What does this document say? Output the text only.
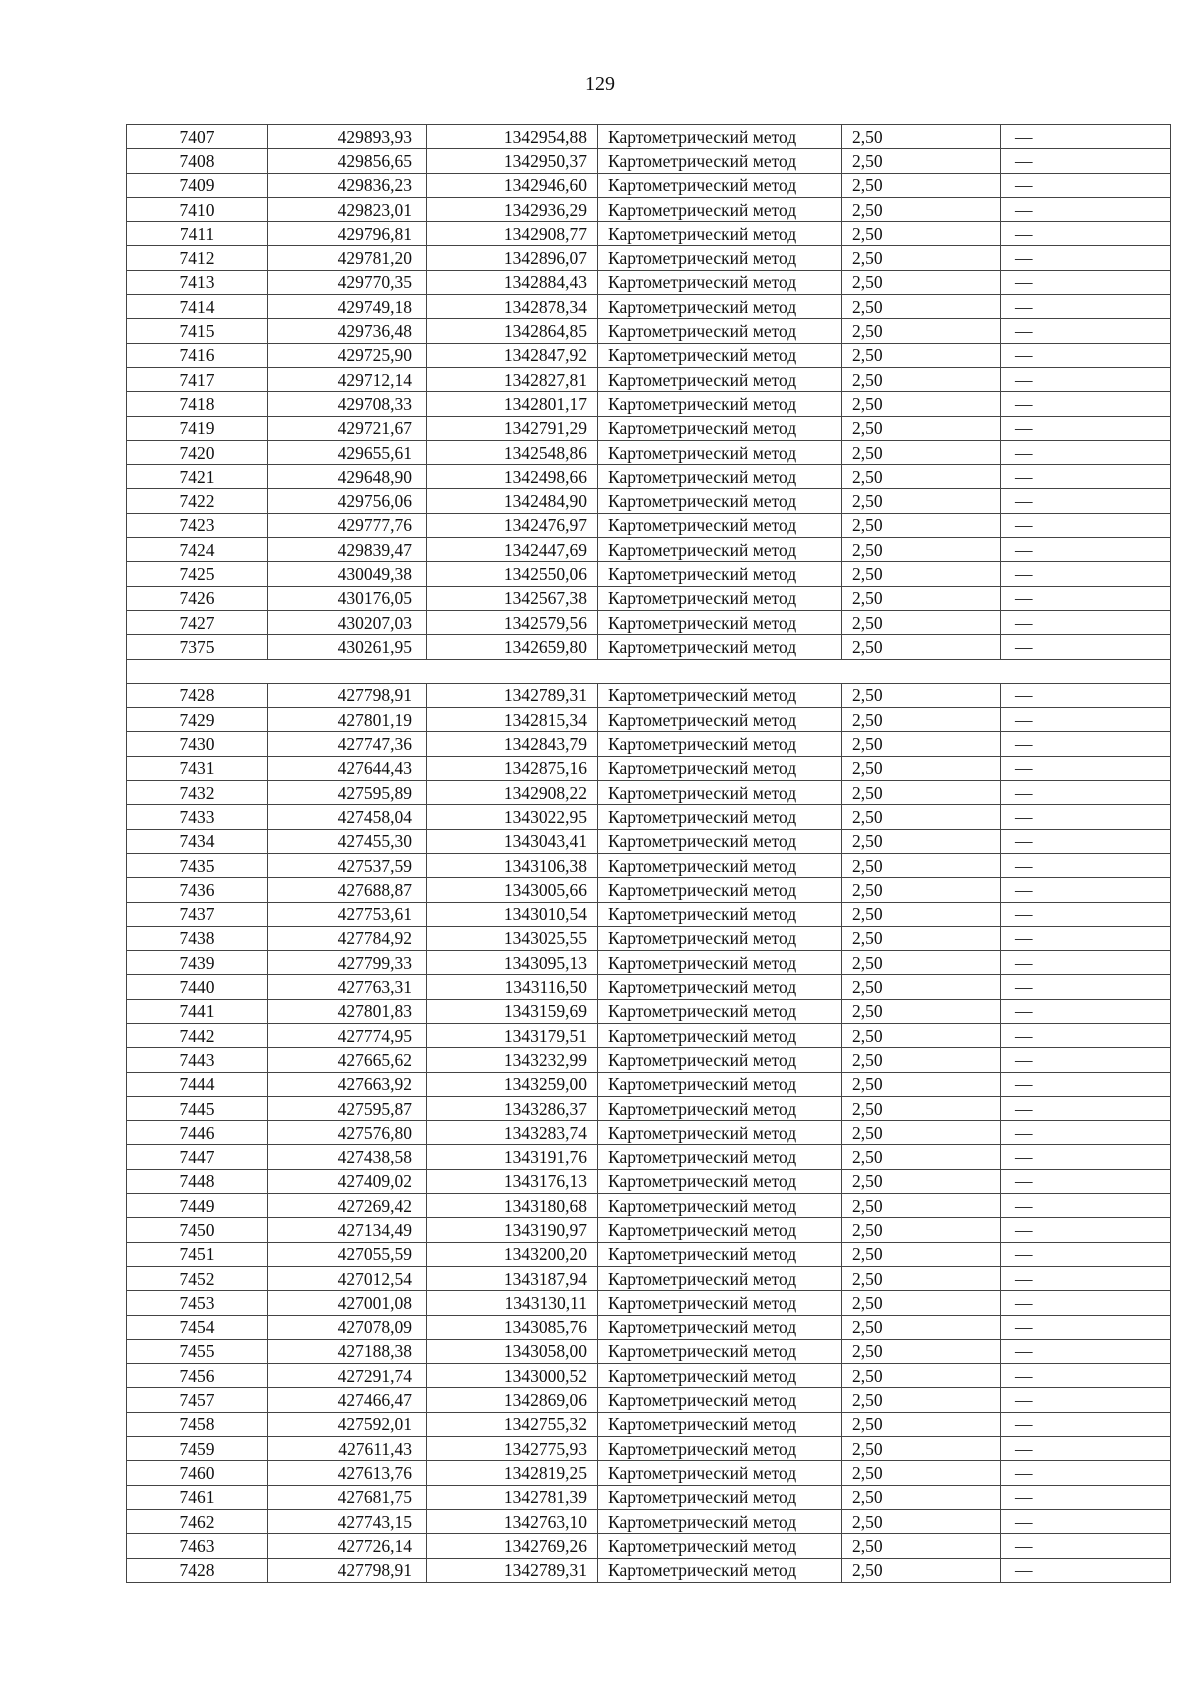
129
7407	429893,93	1342954,88	Картометрический метод	2,50	—
7408	429856,65	1342950,37	Картометрический метод	2,50	—
7409	429836,23	1342946,60	Картометрический метод	2,50	—
7410	429823,01	1342936,29	Картометрический метод	2,50	—
7411	429796,81	1342908,77	Картометрический метод	2,50	—
7412	429781,20	1342896,07	Картометрический метод	2,50	—
7413	429770,35	1342884,43	Картометрический метод	2,50	—
7414	429749,18	1342878,34	Картометрический метод	2,50	—
7415	429736,48	1342864,85	Картометрический метод	2,50	—
7416	429725,90	1342847,92	Картометрический метод	2,50	—
7417	429712,14	1342827,81	Картометрический метод	2,50	—
7418	429708,33	1342801,17	Картометрический метод	2,50	—
7419	429721,67	1342791,29	Картометрический метод	2,50	—
7420	429655,61	1342548,86	Картометрический метод	2,50	—
7421	429648,90	1342498,66	Картометрический метод	2,50	—
7422	429756,06	1342484,90	Картометрический метод	2,50	—
7423	429777,76	1342476,97	Картометрический метод	2,50	—
7424	429839,47	1342447,69	Картометрический метод	2,50	—
7425	430049,38	1342550,06	Картометрический метод	2,50	—
7426	430176,05	1342567,38	Картометрический метод	2,50	—
7427	430207,03	1342579,56	Картометрический метод	2,50	—
7375	430261,95	1342659,80	Картометрический метод	2,50	—

7428	427798,91	1342789,31	Картометрический метод	2,50	—
7429	427801,19	1342815,34	Картометрический метод	2,50	—
7430	427747,36	1342843,79	Картометрический метод	2,50	—
7431	427644,43	1342875,16	Картометрический метод	2,50	—
7432	427595,89	1342908,22	Картометрический метод	2,50	—
7433	427458,04	1343022,95	Картометрический метод	2,50	—
7434	427455,30	1343043,41	Картометрический метод	2,50	—
7435	427537,59	1343106,38	Картометрический метод	2,50	—
7436	427688,87	1343005,66	Картометрический метод	2,50	—
7437	427753,61	1343010,54	Картометрический метод	2,50	—
7438	427784,92	1343025,55	Картометрический метод	2,50	—
7439	427799,33	1343095,13	Картометрический метод	2,50	—
7440	427763,31	1343116,50	Картометрический метод	2,50	—
7441	427801,83	1343159,69	Картометрический метод	2,50	—
7442	427774,95	1343179,51	Картометрический метод	2,50	—
7443	427665,62	1343232,99	Картометрический метод	2,50	—
7444	427663,92	1343259,00	Картометрический метод	2,50	—
7445	427595,87	1343286,37	Картометрический метод	2,50	—
7446	427576,80	1343283,74	Картометрический метод	2,50	—
7447	427438,58	1343191,76	Картометрический метод	2,50	—
7448	427409,02	1343176,13	Картометрический метод	2,50	—
7449	427269,42	1343180,68	Картометрический метод	2,50	—
7450	427134,49	1343190,97	Картометрический метод	2,50	—
7451	427055,59	1343200,20	Картометрический метод	2,50	—
7452	427012,54	1343187,94	Картометрический метод	2,50	—
7453	427001,08	1343130,11	Картометрический метод	2,50	—
7454	427078,09	1343085,76	Картометрический метод	2,50	—
7455	427188,38	1343058,00	Картометрический метод	2,50	—
7456	427291,74	1343000,52	Картометрический метод	2,50	—
7457	427466,47	1342869,06	Картометрический метод	2,50	—
7458	427592,01	1342755,32	Картометрический метод	2,50	—
7459	427611,43	1342775,93	Картометрический метод	2,50	—
7460	427613,76	1342819,25	Картометрический метод	2,50	—
7461	427681,75	1342781,39	Картометрический метод	2,50	—
7462	427743,15	1342763,10	Картометрический метод	2,50	—
7463	427726,14	1342769,26	Картометрический метод	2,50	—
7428	427798,91	1342789,31	Картометрический метод	2,50	—
